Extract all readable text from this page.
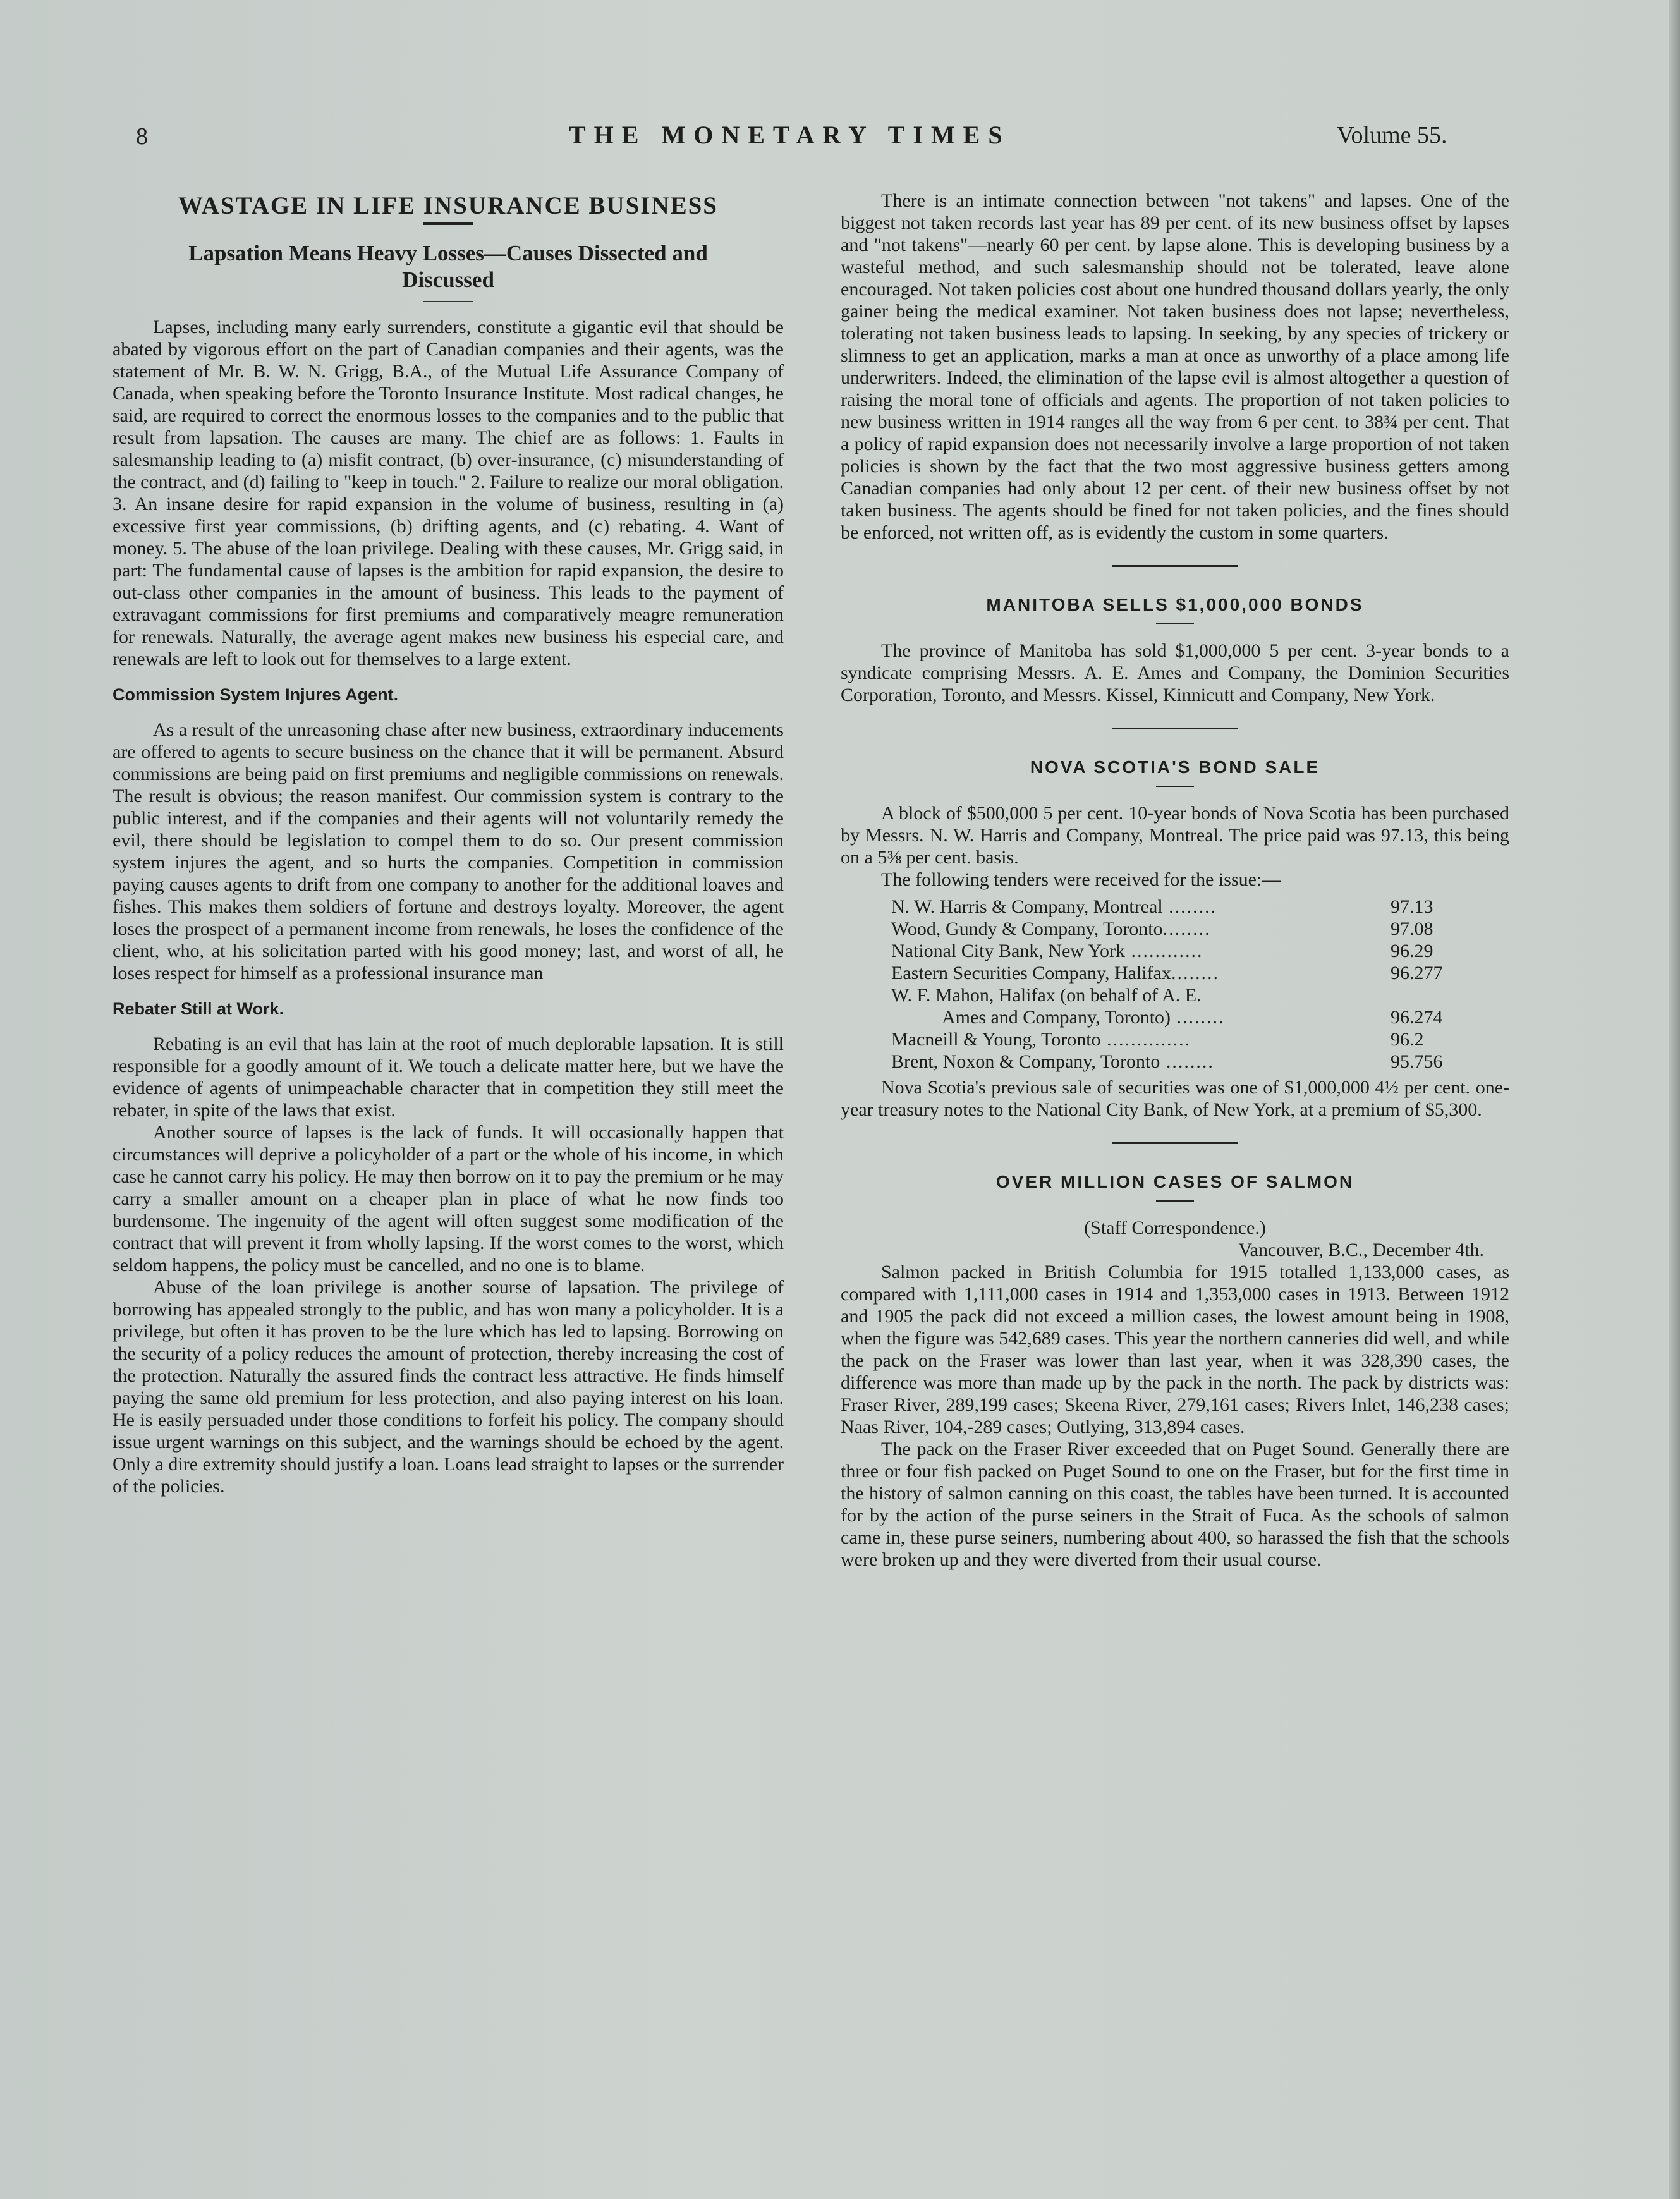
8	THE MONETARY TIMES	Volume 55.
WASTAGE IN LIFE INSURANCE BUSINESS
Lapsation Means Heavy Losses—Causes Dissected and Discussed

Lapses, including many early surrenders, constitute a gigantic evil that should be abated by vigorous effort on the part of Canadian companies and their agents, was the statement of Mr. B. W. N. Grigg, B.A., of the Mutual Life Assurance Company of Canada, when speaking before the Toronto Insurance Institute. Most radical changes, he said, are required to correct the enormous losses to the companies and to the public that result from lapsation. The causes are many. The chief are as follows: 1. Faults in salesmanship leading to (a) misfit contract, (b) over-insurance, (c) misunderstanding of the contract, and (d) failing to "keep in touch." 2. Failure to realize our moral obligation. 3. An insane desire for rapid expansion in the volume of business, resulting in (a) excessive first year commissions, (b) drifting agents, and (c) rebating. 4. Want of money. 5. The abuse of the loan privilege. Dealing with these causes, Mr. Grigg said, in part: The fundamental cause of lapses is the ambition for rapid expansion, the desire to out-class other companies in the amount of business. This leads to the payment of extravagant commissions for first premiums and comparatively meagre remuneration for renewals. Naturally, the average agent makes new business his especial care, and renewals are left to look out for themselves to a large extent.

Commission System Injures Agent.

As a result of the unreasoning chase after new business, extraordinary inducements are offered to agents to secure business on the chance that it will be permanent. Absurd commissions are being paid on first premiums and negligible commissions on renewals. The result is obvious; the reason manifest. Our commission system is contrary to the public interest, and if the companies and their agents will not voluntarily remedy the evil, there should be legislation to compel them to do so. Our present commission system injures the agent, and so hurts the companies. Competition in commission paying causes agents to drift from one company to another for the additional loaves and fishes. This makes them soldiers of fortune and destroys loyalty. Moreover, the agent loses the prospect of a permanent income from renewals, he loses the confidence of the client, who, at his solicitation parted with his good money; last, and worst of all, he loses respect for himself as a professional insurance man

Rebater Still at Work.

Rebating is an evil that has lain at the root of much deplorable lapsation. It is still responsible for a goodly amount of it. We touch a delicate matter here, but we have the evidence of agents of unimpeachable character that in competition they still meet the rebater, in spite of the laws that exist.

Another source of lapses is the lack of funds. It will occasionally happen that circumstances will deprive a policyholder of a part or the whole of his income, in which case he cannot carry his policy. He may then borrow on it to pay the premium or he may carry a smaller amount on a cheaper plan in place of what he now finds too burdensome. The ingenuity of the agent will often suggest some modification of the contract that will prevent it from wholly lapsing. If the worst comes to the worst, which seldom happens, the policy must be cancelled, and no one is to blame.

Abuse of the loan privilege is another sourse of lapsation. The privilege of borrowing has appealed strongly to the public, and has won many a policyholder. It is a privilege, but often it has proven to be the lure which has led to lapsing. Borrowing on the security of a policy reduces the amount of protection, thereby increasing the cost of the protection. Naturally the assured finds the contract less attractive. He finds himself paying the same old premium for less protection, and also paying interest on his loan. He is easily persuaded under those conditions to forfeit his policy. The company should issue urgent warnings on this subject, and the warnings should be echoed by the agent. Only a dire extremity should justify a loan. Loans lead straight to lapses or the surrender of the policies.

There is an intimate connection between "not takens" and lapses. One of the biggest not taken records last year has 89 per cent. of its new business offset by lapses and "not takens"—nearly 60 per cent. by lapse alone. This is developing business by a wasteful method, and such salesmanship should not be tolerated, leave alone encouraged. Not taken policies cost about one hundred thousand dollars yearly, the only gainer being the medical examiner. Not taken business does not lapse; nevertheless, tolerating not taken business leads to lapsing. In seeking, by any species of trickery or slimness to get an application, marks a man at once as unworthy of a place among life underwriters. Indeed, the elimination of the lapse evil is almost altogether a question of raising the moral tone of officials and agents. The proportion of not taken policies to new business written in 1914 ranges all the way from 6 per cent. to 38¾ per cent. That a policy of rapid expansion does not necessarily involve a large proportion of not taken policies is shown by the fact that the two most aggressive business getters among Canadian companies had only about 12 per cent. of their new business offset by not taken business. The agents should be fined for not taken policies, and the fines should be enforced, not written off, as is evidently the custom in some quarters.

MANITOBA SELLS $1,000,000 BONDS

The province of Manitoba has sold $1,000,000 5 per cent. 3-year bonds to a syndicate comprising Messrs. A. E. Ames and Company, the Dominion Securities Corporation, Toronto, and Messrs. Kissel, Kinnicutt and Company, New York.

NOVA SCOTIA'S BOND SALE

A block of $500,000 5 per cent. 10-year bonds of Nova Scotia has been purchased by Messrs. N. W. Harris and Company, Montreal. The price paid was 97.13, this being on a 5⅜ per cent. basis.

The following tenders were received for the issue:—

N. W. Harris & Company, Montreal ........	97.13
Wood, Gundy & Company, Toronto........	97.08
National City Bank, New York ............	96.29
Eastern Securities Company, Halifax........	96.277
W. F. Mahon, Halifax (on behalf of A. E.
Ames and Company, Toronto) ........	96.274
Macneill & Young, Toronto ..............	96.2
Brent, Noxon & Company, Toronto ........	95.756

Nova Scotia's previous sale of securities was one of $1,000,000 4½ per cent. one-year treasury notes to the National City Bank, of New York, at a premium of $5,300.

OVER MILLION CASES OF SALMON

(Staff Correspondence.)

Vancouver, B.C., December 4th.

Salmon packed in British Columbia for 1915 totalled 1,133,000 cases, as compared with 1,111,000 cases in 1914 and 1,353,000 cases in 1913. Between 1912 and 1905 the pack did not exceed a million cases, the lowest amount being in 1908, when the figure was 542,689 cases. This year the northern canneries did well, and while the pack on the Fraser was lower than last year, when it was 328,390 cases, the difference was more than made up by the pack in the north. The pack by districts was: Fraser River, 289,199 cases; Skeena River, 279,161 cases; Rivers Inlet, 146,238 cases; Naas River, 104,-289 cases; Outlying, 313,894 cases.

The pack on the Fraser River exceeded that on Puget Sound. Generally there are three or four fish packed on Puget Sound to one on the Fraser, but for the first time in the history of salmon canning on this coast, the tables have been turned. It is accounted for by the action of the purse seiners in the Strait of Fuca. As the schools of salmon came in, these purse seiners, numbering about 400, so harassed the fish that the schools were broken up and they were diverted from their usual course.
